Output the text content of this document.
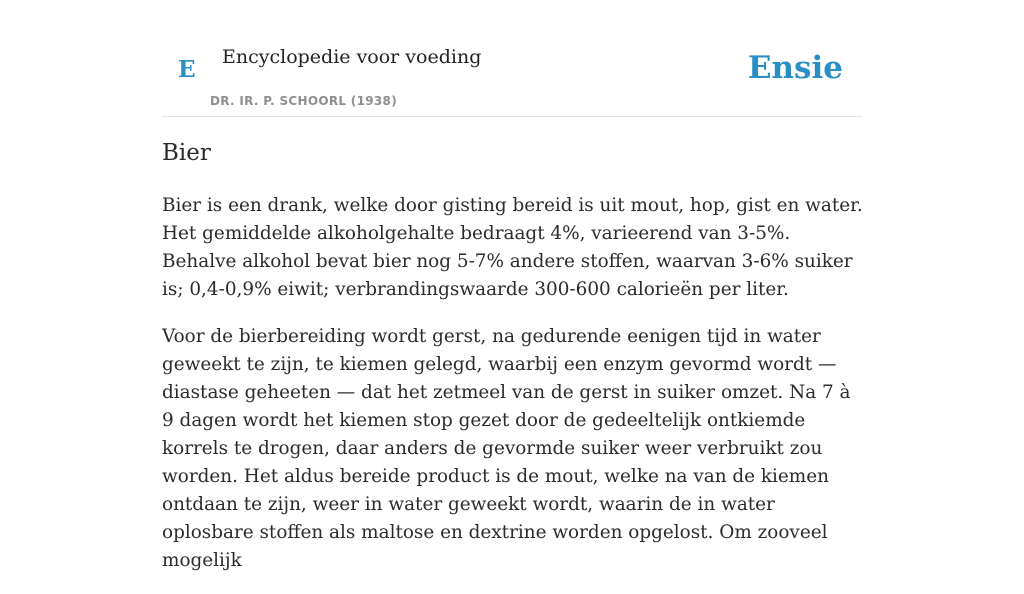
E Encyclopedie voor voeding
DR. IR. P. SCHOORL (1938)
Ensie
Bier

Bier is een drank, welke door gisting bereid is uit mout, hop, gist en water. Het gemiddelde alkoholgehalte bedraagt 4%, varieerend van 3-5%. Behalve alkohol bevat bier nog 5-7% andere stoffen, waarvan 3-6% suiker is; 0,4-0,9% eiwit; verbrandingswaarde 300-600 calorieën per liter.

Voor de bierbereiding wordt gerst, na gedurende eenigen tijd in water geweekt te zijn, te kiemen gelegd, waarbij een enzym gevormd wordt — diastase geheeten — dat het zetmeel van de gerst in suiker omzet. Na 7 à 9 dagen wordt het kiemen stop gezet door de gedeeltelijk ontkiemde korrels te drogen, daar anders de gevormde suiker weer verbruikt zou worden. Het aldus bereide product is de mout, welke na van de kiemen ontdaan te zijn, weer in water geweekt wordt, waarin de in water oplosbare stoffen als maltose en dextrine worden opgelost. Om zooveel mogelijk
